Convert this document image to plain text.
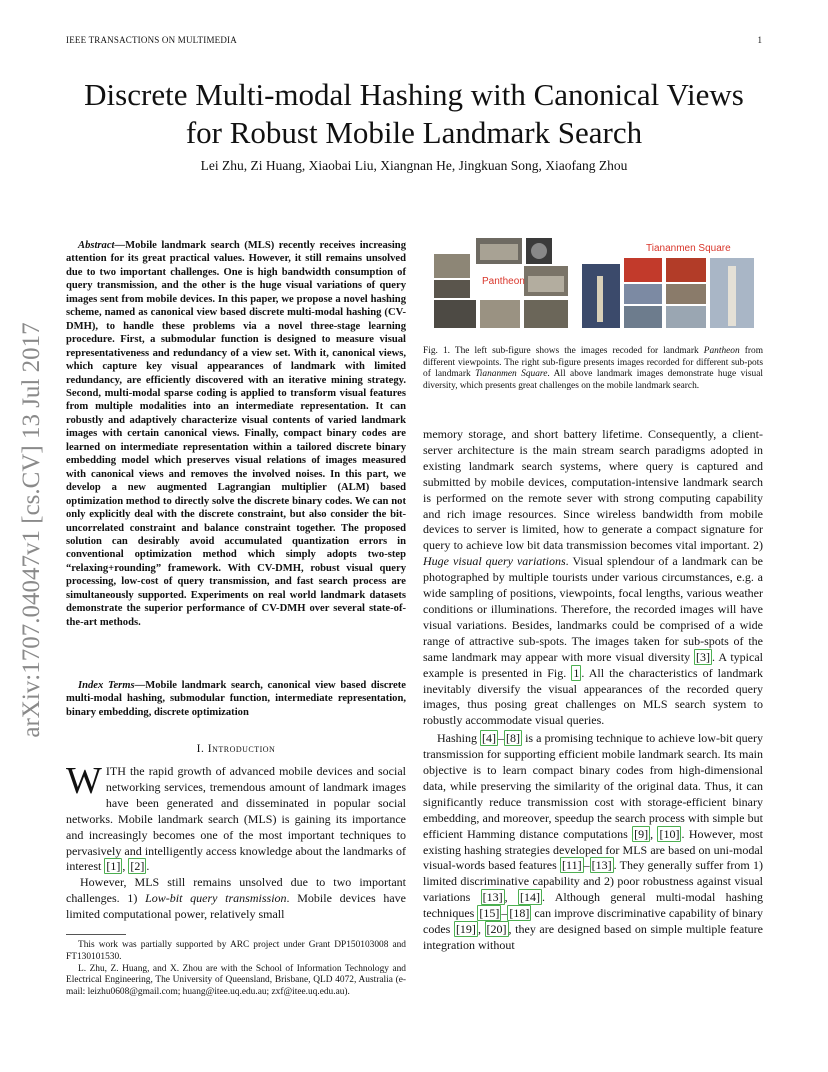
IEEE TRANSACTIONS ON MULTIMEDIA	1
arXiv:1707.04047v1 [cs.CV] 13 Jul 2017
Discrete Multi-modal Hashing with Canonical Views for Robust Mobile Landmark Search
Lei Zhu, Zi Huang, Xiaobai Liu, Xiangnan He, Jingkuan Song, Xiaofang Zhou

Abstract—Mobile landmark search (MLS) recently receives increasing attention for its great practical values. However, it still remains unsolved due to two important challenges. One is high bandwidth consumption of query transmission, and the other is the huge visual variations of query images sent from mobile devices. In this paper, we propose a novel hashing scheme, named as canonical view based discrete multi-modal hashing (CV-DMH), to handle these problems via a novel three-stage learning procedure. First, a submodular function is designed to measure visual representativeness and redundancy of a view set. With it, canonical views, which capture key visual appearances of landmark with limited redundancy, are efficiently discovered with an iterative mining strategy. Second, multi-modal sparse coding is applied to transform visual features from multiple modalities into an intermediate representation. It can robustly and adaptively characterize visual contents of varied landmark images with certain canonical views. Finally, compact binary codes are learned on intermediate representation within a tailored discrete binary embedding model which preserves visual relations of images measured with canonical views and removes the involved noises. In this part, we develop a new augmented Lagrangian multiplier (ALM) based optimization method to directly solve the discrete binary codes. We can not only explicitly deal with the discrete constraint, but also consider the bit-uncorrelated constraint and balance constraint together. The proposed solution can desirably avoid accumulated quantization errors in conventional optimization method which simply adopts two-step “relaxing+rounding” framework. With CV-DMH, robust visual query processing, low-cost of query transmission, and fast search process are simultaneously supported. Experiments on real world landmark datasets demonstrate the superior performance of CV-DMH over several state-of-the-art methods.

Index Terms—Mobile landmark search, canonical view based discrete multi-modal hashing, submodular function, intermediate representation, binary embedding, discrete optimization
I. Introduction

WITH the rapid growth of advanced mobile devices and social networking services, tremendous amount of landmark images have been generated and disseminated in popular social networks. Mobile landmark search (MLS) is gaining its importance and increasingly becomes one of the most important techniques to pervasively and intelligently access knowledge about the landmarks of interest [1] , [2] .

However, MLS still remains unsolved due to two important challenges. 1) Low-bit query transmission. Mobile devices have limited computational power, relatively small

This work was partially supported by ARC project under Grant DP150103008 and FT130101530.

L. Zhu, Z. Huang, and X. Zhou are with the School of Information Technology and Electrical Engineering, The University of Queensland, Brisbane, QLD 4072, Australia (e-mail: leizhu0608@gmail.com; huang@itee.uq.edu.au; zxf@itee.uq.edu.au).

Pantheon
Tiananmen Square
Fig. 1. The left sub-figure shows the images recoded for landmark Pantheon from different viewpoints. The right sub-figure presents images recorded for different sub-pots of landmark Tiananmen Square. All above landmark images demonstrate huge visual diversity, which presents great challenges on the mobile landmark search.

memory storage, and short battery lifetime. Consequently, a client-server architecture is the main stream search paradigms adopted in existing landmark search systems, where query is captured and submitted by mobile devices, computation-intensive landmark search is performed on the remote sever with strong computing capability and rich image resources. Since wireless bandwidth from mobile devices to server is limited, how to generate a compact signature for query to achieve low bit data transmission becomes vital important. 2) Huge visual query variations. Visual splendour of a landmark can be photographed by multiple tourists under various circumstances, e.g. a wide sampling of positions, viewpoints, focal lengths, various weather conditions or illuminations. Therefore, the recorded images will have visual variations. Besides, landmarks could be comprised of a wide range of attractive sub-spots. The images taken for sub-spots of the same landmark may appear with more visual diversity [3] . A typical example is presented in Fig. 1 . All the characteristics of landmark inevitably diversify the visual appearances of the recorded query images, thus posing great challenges on MLS search system to robustly accommodate visual queries.

Hashing [4] – [8] is a promising technique to achieve low-bit query transmission for supporting efficient mobile landmark search. Its main objective is to learn compact binary codes from high-dimensional data, while preserving the similarity of the original data. Thus, it can significantly reduce transmission cost with storage-efficient binary embedding, and moreover, speedup the search process with simple but efficient Hamming distance computations [9] , [10] . However, most existing hashing strategies developed for MLS are based on uni-modal visual-words based features [11] – [13] . They generally suffer from 1) limited discriminative capability and 2) poor robustness against visual variations [13] , [14] . Although general multi-modal hashing techniques [15] – [18] can improve discriminative capability of binary codes [19] , [20] , they are designed based on simple multiple feature integration without
